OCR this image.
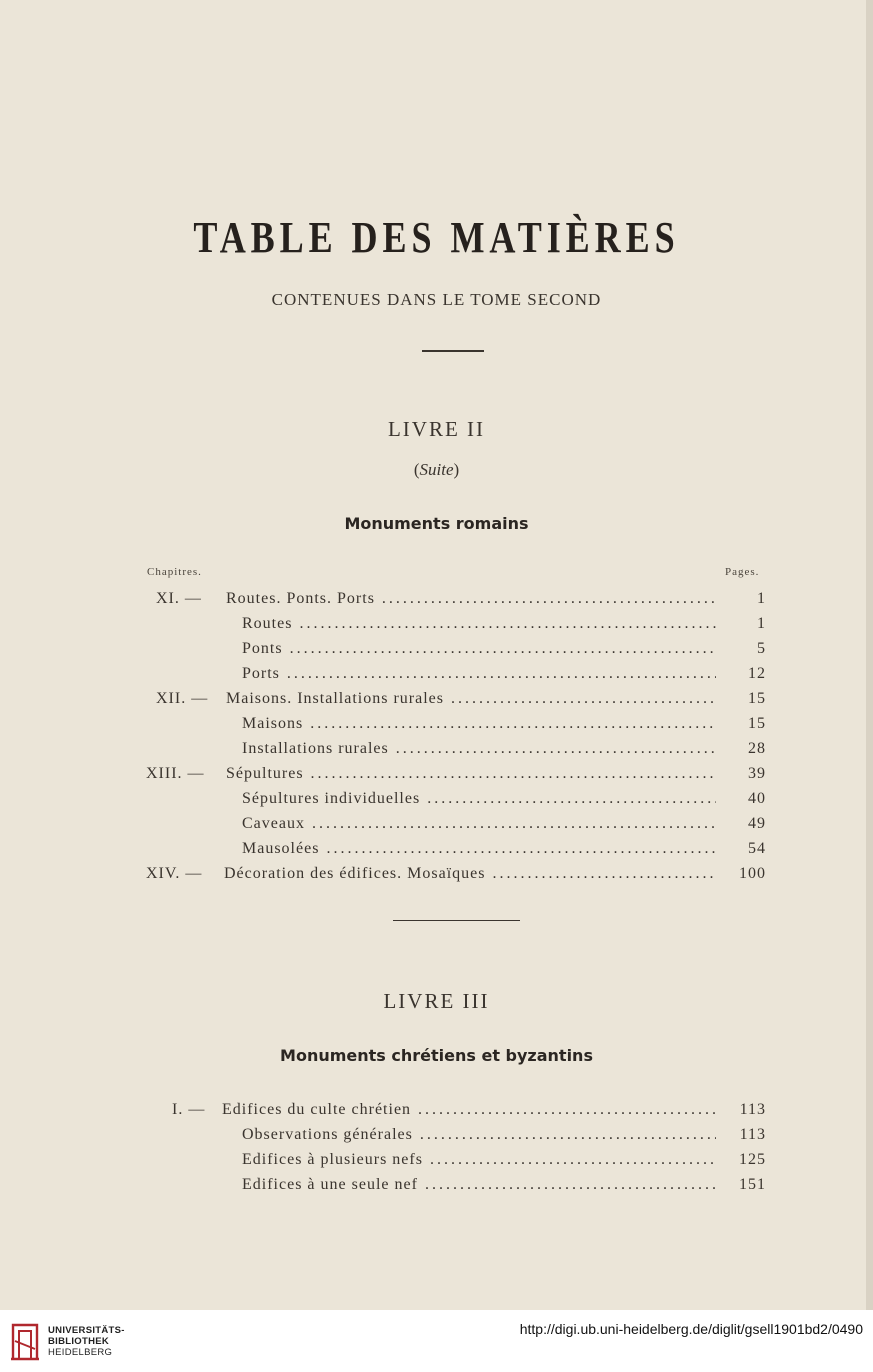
TABLE DES MATIÈRES
CONTENUES DANS LE TOME SECOND
LIVRE II
(Suite)
Monuments romains
Chapitres.	Pages.
XI. — Routes. Ponts. Ports .....	1
Routes .....	1
Ponts .....	5
Ports .....	12
XII. — Maisons. Installations rurales .....	15
Maisons .....	15
Installations rurales .....	28
XIII. — Sépultures .....	39
Sépultures individuelles .....	40
Caveaux .....	49
Mausolées .....	54
XIV. — Décoration des édifices. Mosaïques .....	100
LIVRE III
Monuments chrétiens et byzantins
I. — Edifices du culte chrétien .....	113
Observations générales .....	113
Edifices à plusieurs nefs .....	125
Edifices à une seule nef .....	151
UNIVERSITÄTS-
BIBLIOTHEK
HEIDELBERG
http://digi.ub.uni-heidelberg.de/diglit/gsell1901bd2/0490
